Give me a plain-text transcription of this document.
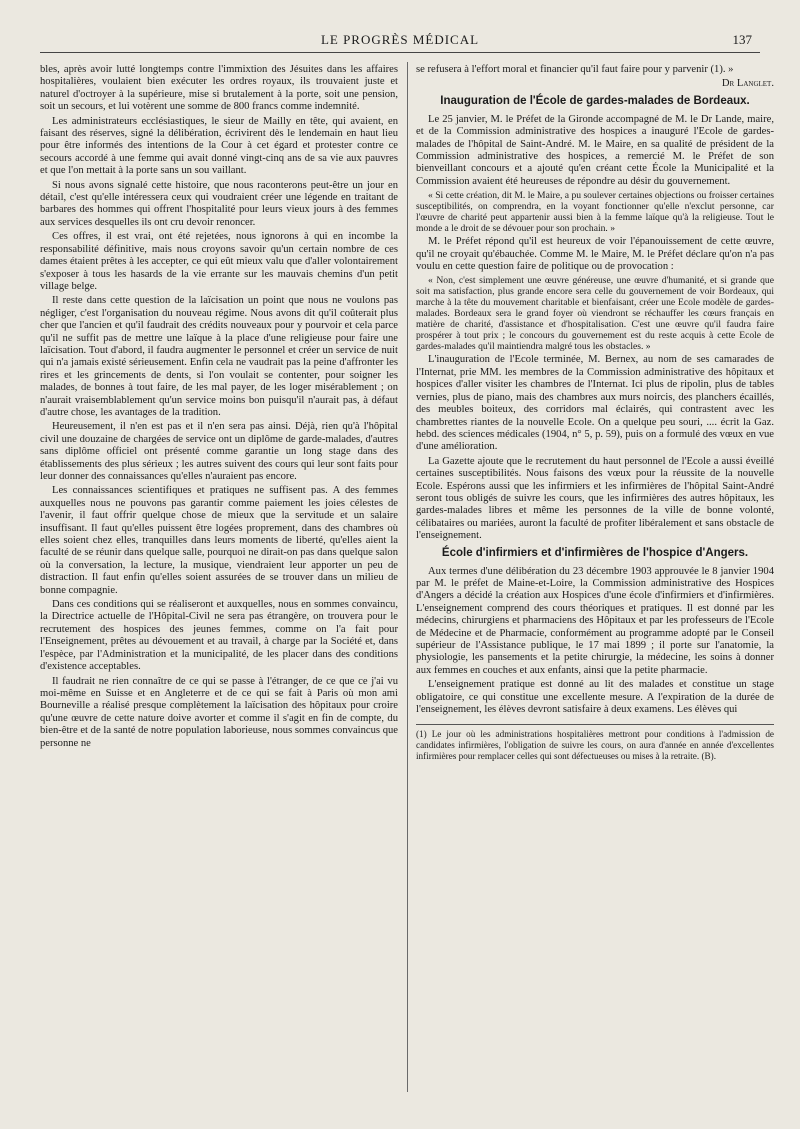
LE PROGRÈS MÉDICAL	137

bles, après avoir lutté longtemps contre l'immixtion des Jésuites dans les affaires hospitalières, voulaient bien exécuter les ordres royaux, ils trouvaient juste et naturel d'octroyer à la supérieure, mise si brutalement à la porte, soit une pension, soit un secours, et lui votèrent une somme de 800 francs comme indemnité.

Les administrateurs ecclésiastiques, le sieur de Mailly en tête, qui avaient, en faisant des réserves, signé la délibération, écrivirent dès le lendemain en haut lieu pour être informés des intentions de la Cour à cet égard et protester contre ce secours accordé à une femme qui avait donné vingt-cinq ans de sa vie aux pauvres et que l'on mettait à la porte sans un sou vaillant.

Si nous avons signalé cette histoire, que nous raconterons peut-être un jour en détail, c'est qu'elle intéressera ceux qui voudraient créer une légende en traitant de barbares des hommes qui offrent l'hospitalité pour leurs vieux jours à des femmes aux services desquelles ils ont cru devoir renoncer.

Ces offres, il est vrai, ont été rejetées, nous ignorons à qui en incombe la responsabilité définitive, mais nous croyons savoir qu'un certain nombre de ces dames étaient prêtes à les accepter, ce qui eût mieux valu que d'aller volontairement s'exposer à tous les hasards de la vie errante sur les mauvais chemins d'un petit village belge.

Il reste dans cette question de la laïcisation un point que nous ne voulons pas négliger, c'est l'organisation du nouveau régime. Nous avons dit qu'il coûterait plus cher que l'ancien et qu'il faudrait des crédits nouveaux pour y pourvoir et cela parce qu'il ne suffit pas de mettre une laïque à la place d'une religieuse pour faire une laïcisation. Tout d'abord, il faudra augmenter le personnel et créer un service de nuit qui n'a jamais existé sérieusement. Enfin cela ne vaudrait pas la peine d'affronter les rires et les grincements de dents, si l'on voulait se contenter, pour soigner les malades, de bonnes à tout faire, de les mal payer, de les loger misérablement ; on n'aurait vraisemblablement qu'un service moins bon puisqu'il n'aurait pas, à défaut d'autre chose, les avantages de la tradition.

Heureusement, il n'en est pas et il n'en sera pas ainsi. Déjà, rien qu'à l'hôpital civil une douzaine de chargées de service ont un diplôme de garde-malades, d'autres sans diplôme officiel ont présenté comme garantie un long stage dans des établissements des plus sérieux ; les autres suivent des cours qui leur sont faits pour leur donner des connaissances qu'elles n'auraient pas encore.

Les connaissances scientifiques et pratiques ne suffisent pas. A des femmes auxquelles nous ne pouvons pas garantir comme paiement les joies célestes de l'avenir, il faut offrir quelque chose de mieux que la servitude et un salaire insuffisant. Il faut qu'elles puissent être logées proprement, dans des chambres où elles soient chez elles, tranquilles dans leurs moments de liberté, qu'elles aient la faculté de se réunir dans quelque salle, pourquoi ne dirait-on pas dans quelque salon où la conversation, la lecture, la musique, viendraient leur apporter un peu de distraction. Il faut enfin qu'elles soient assurées de se trouver dans un milieu de bonne compagnie.

Dans ces conditions qui se réaliseront et auxquelles, nous en sommes convaincu, la Directrice actuelle de l'Hôpital-Civil ne sera pas étrangère, on trouvera pour le recrutement des hospices des jeunes femmes, comme on l'a fait pour l'Enseignement, prêtes au dévouement et au travail, à charge par la Société et, dans l'espèce, par l'Administration et la municipalité, de les placer dans des conditions d'existence acceptables.

Il faudrait ne rien connaître de ce qui se passe à l'étranger, de ce que ce j'ai vu moi-même en Suisse et en Angleterre et de ce qui se fait à Paris où mon ami Bourneville a réalisé presque complètement la laïcisation des hôpitaux pour croire qu'une œuvre de cette nature doive avorter et comme il s'agit en fin de compte, du bien-être et de la santé de notre population laborieuse, nous sommes convaincus que personne ne

se refusera à l'effort moral et financier qu'il faut faire pour y parvenir (1). »

Dr Langlet.
Inauguration de l'École de gardes-malades de Bordeaux.

Le 25 janvier, M. le Préfet de la Gironde accompagné de M. le Dr Lande, maire, et de la Commission administrative des hospices a inauguré l'Ecole de gardes-malades de l'hôpital de Saint-André. M. le Maire, en sa qualité de président de la Commission administrative des hospices, a remercié M. le Préfet de son bienveillant concours et a ajouté qu'en créant cette École la Municipalité et la Commission avaient été heureuses de répondre au désir du gouvernement.

« Si cette création, dit M. le Maire, a pu soulever certaines objections ou froisser certaines susceptibilités, on comprendra, en la voyant fonctionner qu'elle n'exclut personne, car l'œuvre de charité peut appartenir aussi bien à la femme laïque qu'à la religieuse. Tout le monde a le droit de se dévouer pour son prochain. »

M. le Préfet répond qu'il est heureux de voir l'épanouissement de cette œuvre, qu'il ne croyait qu'ébauchée. Comme M. le Maire, M. le Préfet déclare qu'on n'a pas voulu en cette question faire de politique ou de provocation :

« Non, c'est simplement une œuvre généreuse, une œuvre d'humanité, et si grande que soit ma satisfaction, plus grande encore sera celle du gouvernement de voir Bordeaux, qui marche à la tête du mouvement charitable et bienfaisant, créer une Ecole modèle de gardes-malades. Bordeaux sera le grand foyer où viendront se réchauffer les cœurs français en matière de charité, d'assistance et d'hospitalisation. C'est une œuvre qu'il faudra faire prospérer à tout prix ; le concours du gouvernement est du reste acquis à cette Ecole de gardes-malades qu'il maintiendra malgré tous les obstacles. »

L'inauguration de l'Ecole terminée, M. Bernex, au nom de ses camarades de l'Internat, prie MM. les membres de la Commission administrative des hôpitaux et hospices d'aller visiter les chambres de l'Internat. Ici plus de ripolin, plus de tables vernies, plus de piano, mais des chambres aux murs noircis, des planchers écaillés, des meubles boiteux, des corridors mal éclairés, qui contrastent avec les chambrettes riantes de la nouvelle Ecole. On a quelque peu souri, .... écrit la Gaz. hebd. des sciences médicales (1904, n° 5, p. 59), puis on a formulé des vœux en vue d'une amélioration.

La Gazette ajoute que le recrutement du haut personnel de l'Ecole a aussi éveillé certaines susceptibilités. Nous faisons des vœux pour la réussite de la nouvelle Ecole. Espérons aussi que les infirmiers et les infirmières de l'hôpital Saint-André seront tous obligés de suivre les cours, que les infirmières des autres hôpitaux, les gardes-malades libres et même les personnes de la ville de bonne volonté, célibataires ou mariées, auront la faculté de profiter libéralement et sans obstacle de l'enseignement.

École d'infirmiers et d'infirmières de l'hospice d'Angers.

Aux termes d'une délibération du 23 décembre 1903 approuvée le 8 janvier 1904 par M. le préfet de Maine-et-Loire, la Commission administrative des Hospices d'Angers a décidé la création aux Hospices d'une école d'infirmiers et d'infirmières. L'enseignement comprend des cours théoriques et pratiques. Il est donné par les médecins, chirurgiens et pharmaciens des Hôpitaux et par les professeurs de l'Ecole de Médecine et de Pharmacie, conformément au programme adopté par le Conseil supérieur de l'Assistance publique, le 17 mai 1899 ; il porte sur l'anatomie, la physiologie, les pansements et la petite chirurgie, la médecine, les soins à donner aux femmes en couches et aux enfants, ainsi que la petite pharmacie.

L'enseignement pratique est donné au lit des malades et constitue un stage obligatoire, ce qui constitue une excellente mesure. A l'expiration de la durée de l'enseignement, les élèves devront satisfaire à deux examens. Les élèves qui

(1) Le jour où les administrations hospitalières mettront pour conditions à l'admission de candidates infirmières, l'obligation de suivre les cours, on aura d'année en année d'excellentes infirmières pour remplacer celles qui sont défectueuses ou mises à la retraite. (B).
